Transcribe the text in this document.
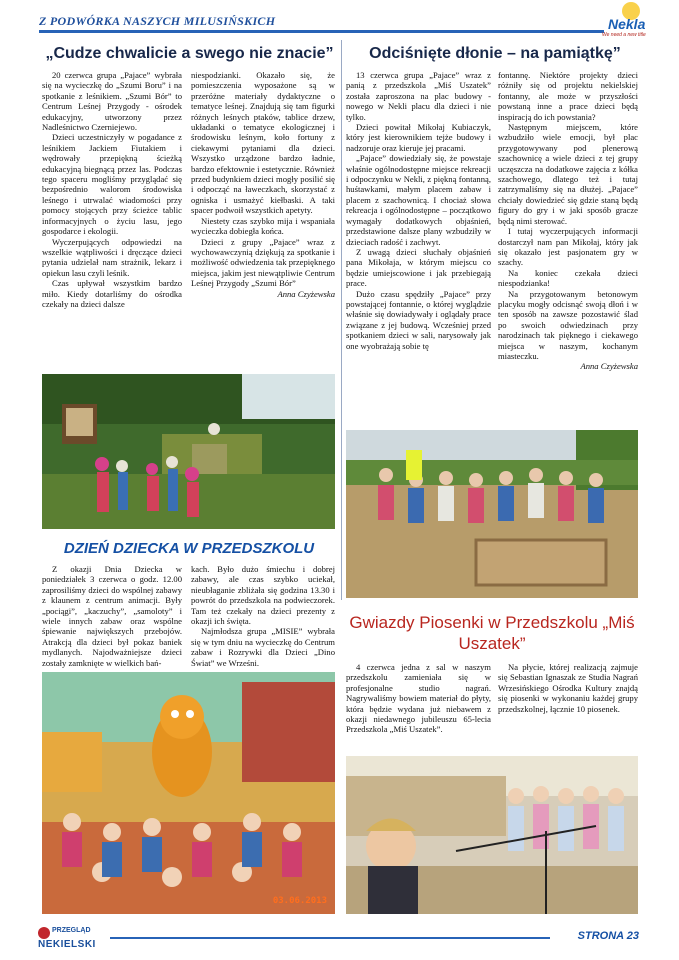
Z PODWÓRKA NASZYCH MILUSIŃSKICH	Nekla
We need a new title
„Cudze chwalicie a swego nie znacie”

20 czerwca grupa „Pajace” wybrała się na wycieczkę do „Szumi Boru” i na spotkanie z leśnikiem. „Szumi Bór” to Centrum Leśnej Przygody - ośrodek edukacyjny, utworzony przez Nadleśnictwo Czerniejewo.

Dzieci uczestniczyły w pogadance z leśnikiem Jackiem Fiutakiem i wędrowały przepiękną ścieżką edukacyjną biegnącą przez las. Podczas tego spaceru mogliśmy przyglądać się bezpośrednio walorom środowiska leśnego i utrwalać wiadomości przy pomocy stojących przy ścieżce tablic informacyjnych o życiu lasu, jego gospodarce i ekologii.

Wyczerpujących odpowiedzi na wszelkie wątpliwości i dręczące dzieci pytania udzielał nam strażnik, lekarz i opiekun lasu czyli leśnik.

Czas upływał wszystkim bardzo miło. Kiedy dotarliśmy do ośrodka czekały na dzieci dalsze

niespodzianki. Okazało się, że pomieszczenia wyposażone są w przeróżne materiały dydaktyczne o tematyce leśnej. Znajdują się tam figurki różnych leśnych ptaków, tablice drzew, układanki o tematyce ekologicznej i środowisku leśnym, koło fortuny z ciekawymi pytaniami dla dzieci. Wszystko urządzone bardzo ładnie, bardzo efektownie i estetycznie. Również przed budynkiem dzieci mogły posilić się i odpocząć na ławeczkach, skorzystać z ogniska i usmażyć kiełbaski. A taki spacer podwoił wszystkich apetyty.

Niestety czas szybko mija i wspaniała wycieczka dobiegła końca.

Dzieci z grupy „Pajace” wraz z wychowawczynią dziękują za spotkanie i możliwość odwiedzenia tak przepięknego miejsca, jakim jest niewątpliwie Centrum Leśnej Przygody „Szumi Bór”

Anna Czyżewska
DZIEŃ DZIECKA W PRZEDSZKOLU

Z okazji Dnia Dziecka w poniedziałek 3 czerwca o godz. 12.00 zaprosiliśmy dzieci do wspólnej zabawy z klaunem z centrum animacji. Były „pociągi”, „kaczuchy”, „samoloty” i wiele innych zabaw oraz wspólne śpiewanie największych przebojów. Atrakcją dla dzieci był pokaz baniek mydlanych. Najodważniejsze dzieci zostały zamknięte w wielkich bań-

kach. Było dużo śmiechu i dobrej zabawy, ale czas szybko uciekał, nieubłaganie zbliżała się godzina 13.30 i powrót do przedszkola na podwieczorek. Tam też czekały na dzieci prezenty z okazji ich święta.

Najmłodsza grupa „MISIE” wybrała się w tym dniu na wycieczkę do Centrum zabaw i Rozrywki dla Dzieci „Dino Świat” we Wrześni.

03.06.2013
Odciśnięte dłonie – na pamiątkę”

13 czerwca grupa „Pajace” wraz z panią z przedszkola „Miś Uszatek” została zaproszona na plac budowy - nowego w Nekli placu dla dzieci i nie tylko.

Dzieci powitał Mikołaj Kubiaczyk, który jest kierownikiem tejże budowy i nadzoruje oraz kieruje jej pracami.

„Pajace” dowiedziały się, że powstaje właśnie ogólnodostępne miejsce rekreacji i odpoczynku w Nekli, z piękną fontanną, huśtawkami, małym placem zabaw i placem z szachownicą. I chociaż słowa rekreacja i ogólnodostępne – początkowo wymagały dodatkowych objaśnień, przedstawione dalsze plany wzbudziły w dzieciach radość i zachwyt.

Z uwagą dzieci słuchały objaśnień pana Mikołaja, w którym miejscu co będzie umiejscowione i jak przebiegają prace.

Dużo czasu spędziły „Pajace” przy powstającej fontannie, o której wyglądzie właśnie się dowiadywały i oglądały prace związane z jej budową. Wcześniej przed spotkaniem dzieci w sali, narysowały jak one wyobrażają sobie tę

fontannę. Niektóre projekty dzieci różniły się od projektu nekielskiej fontanny, ale może w przyszłości powstaną inne a prace dzieci będą inspiracją do ich powstania?

Następnym miejscem, które wzbudziło wiele emocji, był plac przygotowywany pod plenerową szachownicę a wiele dzieci z tej grupy uczęszcza na dodatkowe zajęcia z kółka szachowego, dlatego też i tutaj zatrzymaliśmy się na dłużej. „Pajace” chciały dowiedzieć się gdzie staną będą figury do gry i w jaki sposób gracze będą nimi sterować.

I tutaj wyczerpujących informacji dostarczył nam pan Mikołaj, który jak się okazało jest pasjonatem gry w szachy.

Na koniec czekała dzieci niespodzianka!

Na przygotowanym betonowym placyku mogły odcisnąć swoją dłoń i w ten sposób na zawsze pozostawić ślad po swoich odwiedzinach przy narodzinach tak pięknego i ciekawego miejsca w naszym, kochanym miasteczku.

Anna Czyżewska
Gwiazdy Piosenki w Przedszkolu „Miś Uszatek”

4 czerwca jedna z sal w naszym przedszkolu zamieniała się w profesjonalne studio nagrań. Nagrywaliśmy bowiem materiał do płyty, która będzie wydana już niebawem z okazji niedawnego jubileuszu 65-lecia Przedszkola „Miś Uszatek”.

Na płycie, której realizacją zajmuje się Sebastian Ignaszak ze Studia Nagrań Wrzesińskiego Ośrodka Kultury znajdą się piosenki w wykonaniu każdej grupy przedszkolnej, łącznie 10 piosenek.

PRZEGLĄD
NEKIELSKI
STRONA 23
